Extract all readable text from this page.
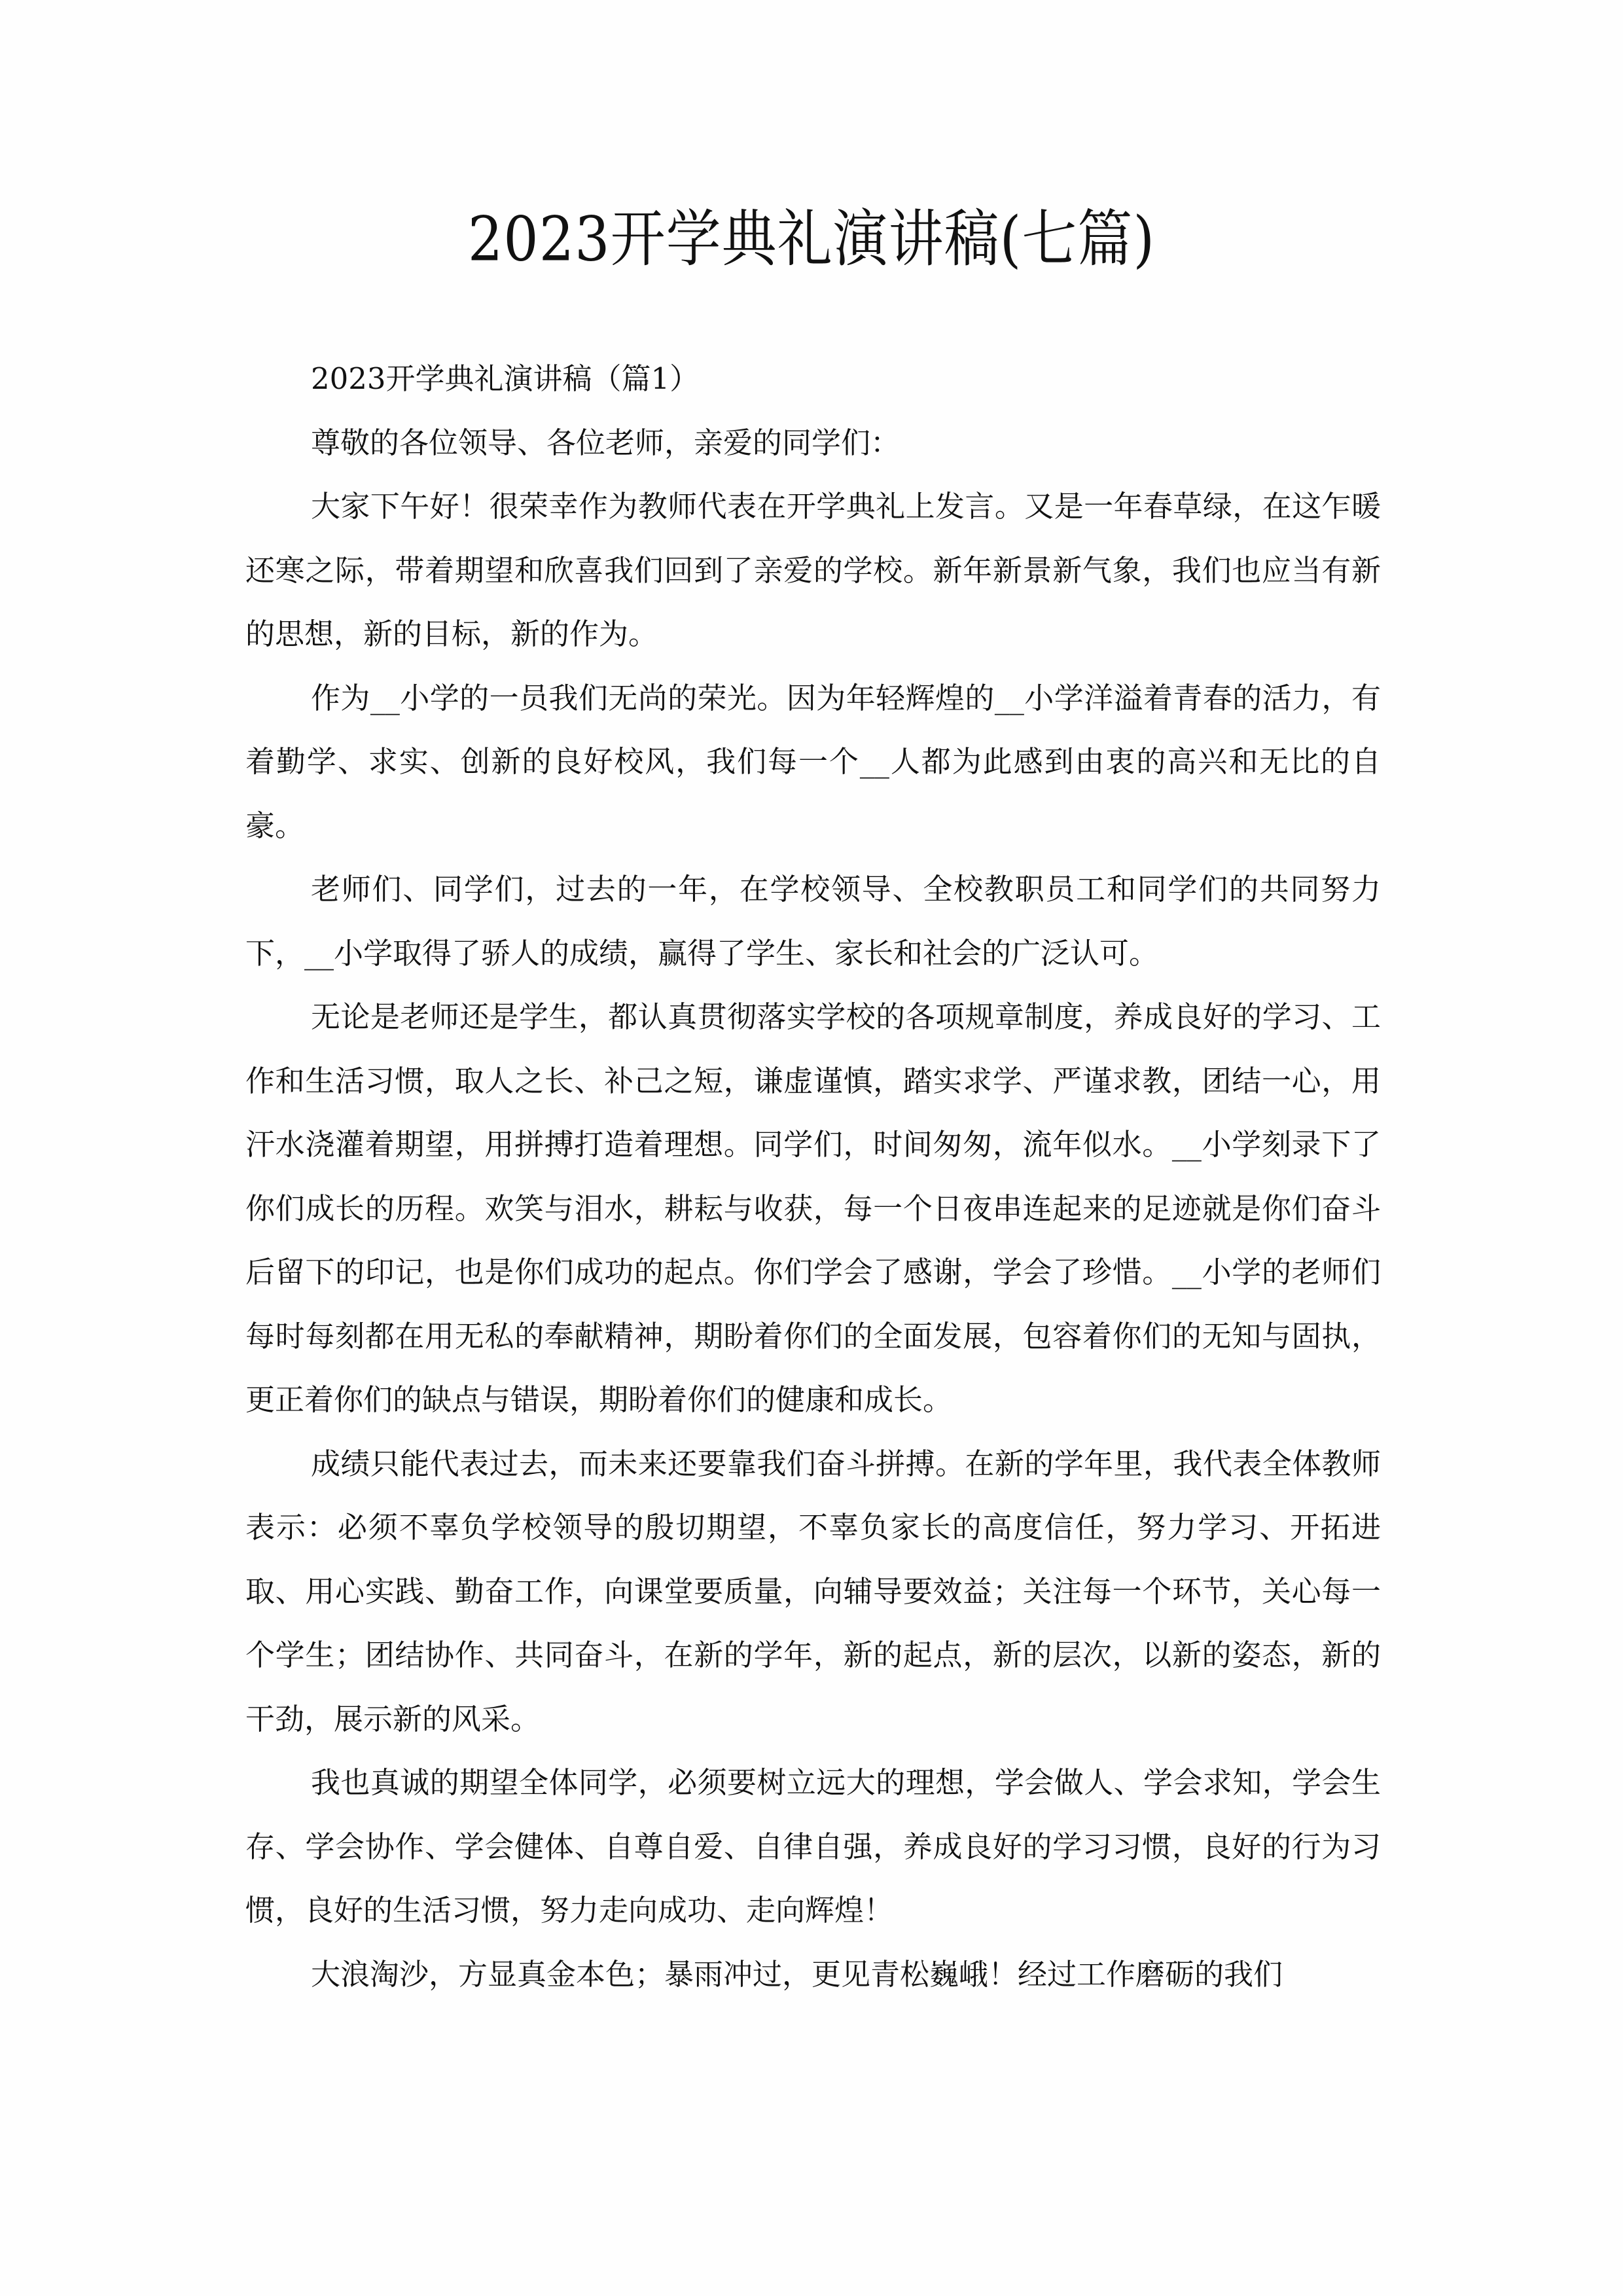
2023开学典礼演讲稿(七篇)

2023开学典礼演讲稿（篇1）

尊敬的各位领导、各位老师，亲爱的同学们：

大家下午好！很荣幸作为教师代表在开学典礼上发言。又是一年春草绿，在这乍暖还寒之际，带着期望和欣喜我们回到了亲爱的学校。新年新景新气象，我们也应当有新的思想，新的目标，新的作为。

作为__小学的一员我们无尚的荣光。因为年轻辉煌的__小学洋溢着青春的活力，有着勤学、求实、创新的良好校风，我们每一个__人都为此感到由衷的高兴和无比的自豪。

老师们、同学们，过去的一年，在学校领导、全校教职员工和同学们的共同努力下，__小学取得了骄人的成绩，赢得了学生、家长和社会的广泛认可。

无论是老师还是学生，都认真贯彻落实学校的各项规章制度，养成良好的学习、工作和生活习惯，取人之长、补己之短，谦虚谨慎，踏实求学、严谨求教，团结一心，用汗水浇灌着期望，用拼搏打造着理想。同学们，时间匆匆，流年似水。__小学刻录下了你们成长的历程。欢笑与泪水，耕耘与收获，每一个日夜串连起来的足迹就是你们奋斗后留下的印记，也是你们成功的起点。你们学会了感谢，学会了珍惜。__小学的老师们每时每刻都在用无私的奉献精神，期盼着你们的全面发展，包容着你们的无知与固执，更正着你们的缺点与错误，期盼着你们的健康和成长。

成绩只能代表过去，而未来还要靠我们奋斗拼搏。在新的学年里，我代表全体教师表示：必须不辜负学校领导的殷切期望，不辜负家长的高度信任，努力学习、开拓进取、用心实践、勤奋工作，向课堂要质量，向辅导要效益；关注每一个环节，关心每一个学生；团结协作、共同奋斗，在新的学年，新的起点，新的层次，以新的姿态，新的干劲，展示新的风采。

我也真诚的期望全体同学，必须要树立远大的理想，学会做人、学会求知，学会生存、学会协作、学会健体、自尊自爱、自律自强，养成良好的学习习惯，良好的行为习惯，良好的生活习惯，努力走向成功、走向辉煌！

大浪淘沙，方显真金本色；暴雨冲过，更见青松巍峨！经过工作磨砺的我们
